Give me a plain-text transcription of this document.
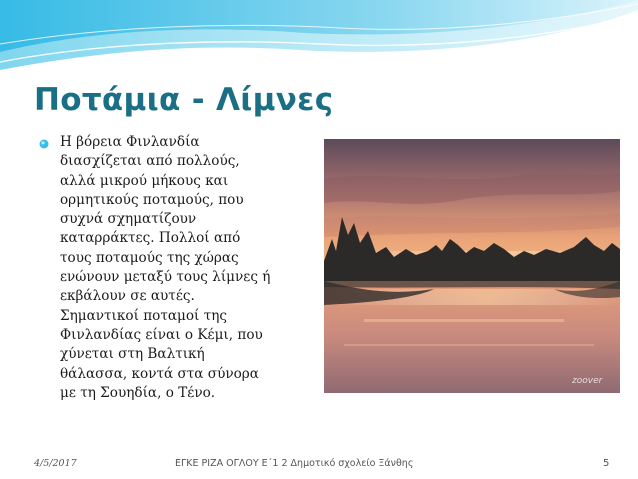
Ποτάμια - Λίμνες

Η βόρεια Φινλανδία
διασχίζεται από πολλούς,
αλλά μικρού μήκους και
ορμητικούς ποταμούς, που
συχνά σχηματίζουν
καταρράκτες. Πολλοί από
τους ποταμούς της χώρας
ενώνουν μεταξύ τους λίμνες ή
εκβάλουν σε αυτές.
Σημαντικοί ποταμοί της
Φινλανδίας είναι ο Κέμι, που
χύνεται στη Βαλτική
θάλασσα, κοντά στα σύνορα
με τη Σουηδία, ο Τένο.

zoover
4/5/2017	ΕΓΚΕ ΡΙΖΑ ΟΓΛΟΥ Ε΄1 2 Δημοτικό σχολείο Ξάνθης	5
